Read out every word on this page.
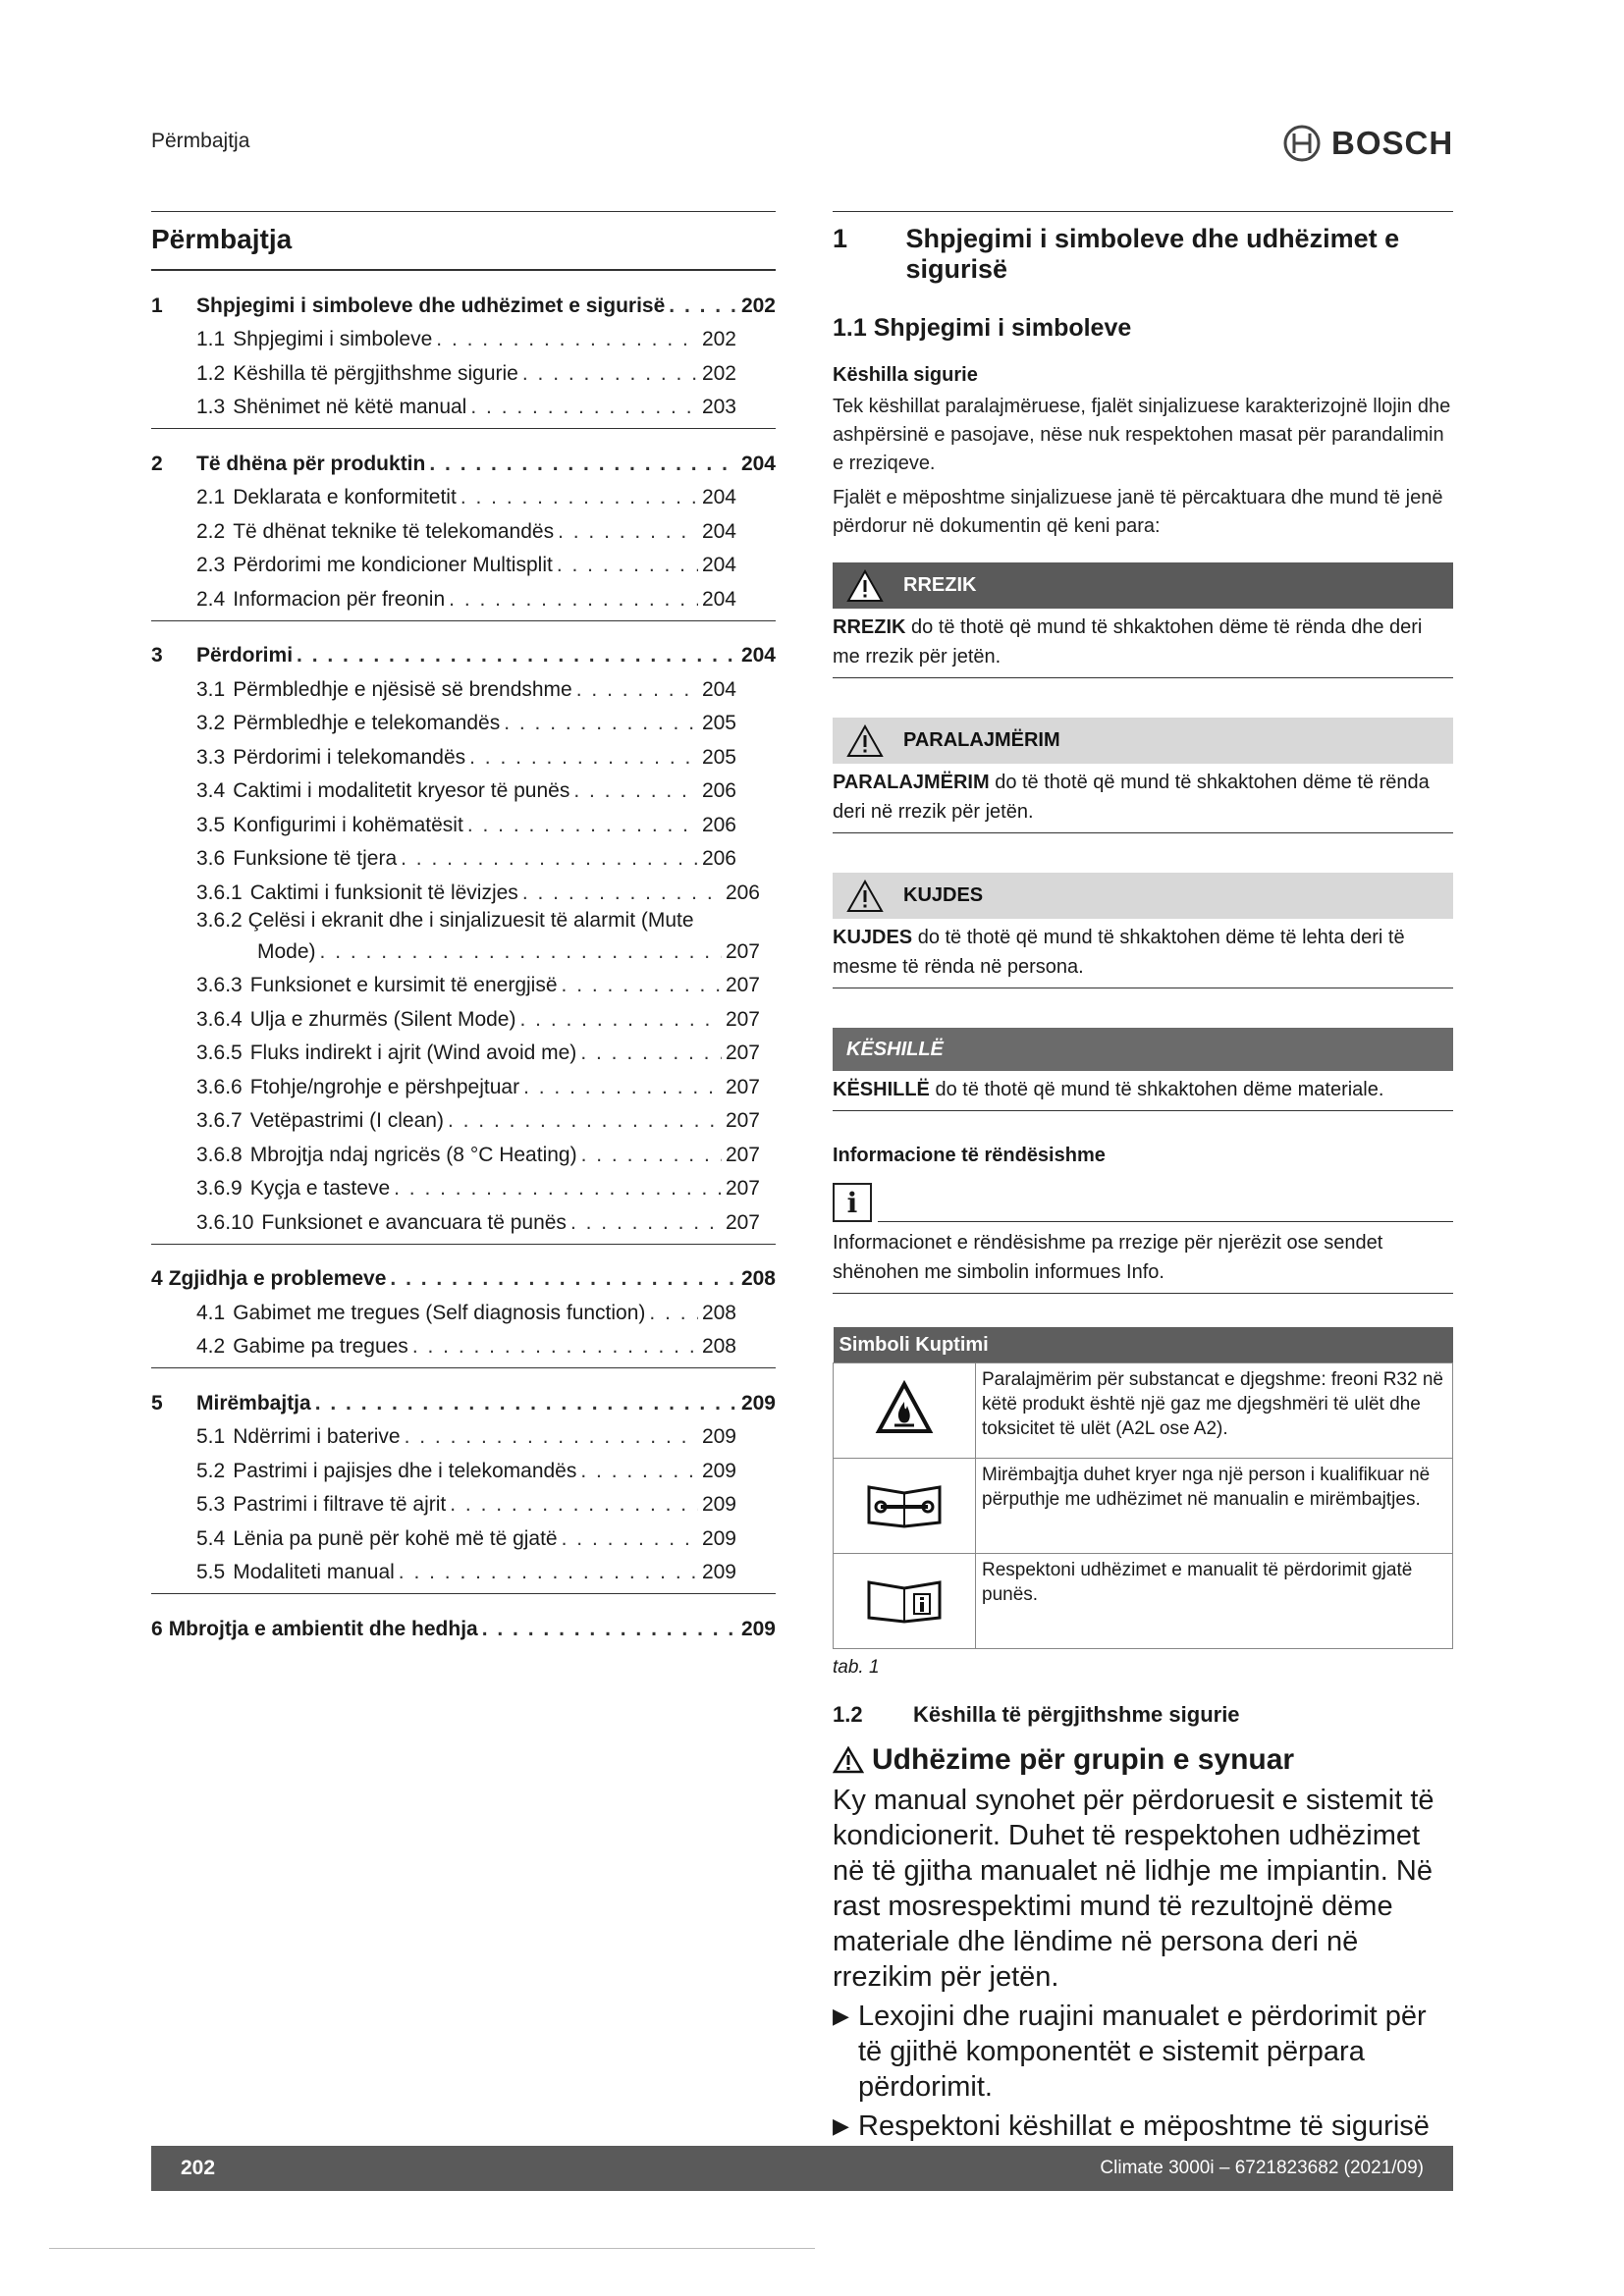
Përmbajtja	BOSCH
Përmbajtja
1	Shpjegimi i simboleve dhe udhëzimet e sigurisë . . .	202
1.1 Shpjegimi i simboleve . . .	202
1.2 Këshilla të përgjithshme sigurie . . .	202
1.3 Shënimet në këtë manual . . .	203
2	Të dhëna për produktin . . .	204
2.1 Deklarata e konformitetit . . .	204
2.2 Të dhënat teknike të telekomandës . . .	204
2.3 Përdorimi me kondicioner Multisplit . . .	204
2.4 Informacion për freonin . . .	204
3	Përdorimi . . .	204
3.1 Përmbledhje e njësisë së brendshme . . .	204
3.2 Përmbledhje e telekomandës . . .	205
3.3 Përdorimi i telekomandës . . .	205
3.4 Caktimi i modalitetit kryesor të punës . . .	206
3.5 Konfigurimi i kohëmatësit . . .	206
3.6 Funksione të tjera . . .	206
3.6.1 Caktimi i funksionit të lëvizjes . . .	206
3.6.2 Çelësi i ekranit dhe i sinjalizuesit të alarmit (Mute
Mode) . . .	207
3.6.3 Funksionet e kursimit të energjisë . . .	207
3.6.4 Ulja e zhurmës (Silent Mode) . . .	207
3.6.5 Fluks indirekt i ajrit (Wind avoid me) . . .	207
3.6.6 Ftohje/ngrohje e përshpejtuar . . .	207
3.6.7 Vetëpastrimi (I clean) . . .	207
3.6.8 Mbrojtja ndaj ngricës (8 °C Heating) . . .	207
3.6.9 Kyçja e tasteve . . .	207
3.6.10 Funksionet e avancuara të punës . . .	207
4 Zgjidhja e problemeve . . .	208
4.1 Gabimet me tregues (Self diagnosis function) . . .	208
4.2 Gabime pa tregues . . .	208
5	Mirëmbajtja . . .	209
5.1 Ndërrimi i baterive . . .	209
5.2 Pastrimi i pajisjes dhe i telekomandës . . .	209
5.3 Pastrimi i filtrave të ajrit . . .	209
5.4 Lënia pa punë për kohë më të gjatë . . .	209
5.5 Modaliteti manual . . .	209
6 Mbrojtja e ambientit dhe hedhja . . .	209
1	Shpjegimi i simboleve dhe udhëzimet e sigurisë
1.1 Shpjegimi i simboleve
Këshilla sigurie
Tek këshillat paralajmëruese, fjalët sinjalizuese karakterizojnë llojin dhe ashpërsinë e pasojave, nëse nuk respektohen masat për parandalimin e rreziqeve.
Fjalët e mëposhtme sinjalizuese janë të përcaktuara dhe mund të jenë përdorur në dokumentin që keni para:
RREZIK
RREZIK do të thotë që mund të shkaktohen dëme të rënda dhe deri me rrezik për jetën.
PARALAJMËRIM
PARALAJMËRIM do të thotë që mund të shkaktohen dëme të rënda deri në rrezik për jetën.
KUJDES
KUJDES do të thotë që mund të shkaktohen dëme të lehta deri të mesme të rënda në persona.
KËSHILLË
KËSHILLË do të thotë që mund të shkaktohen dëme materiale.
Informacione të rëndësishme
i
Informacionet e rëndësishme pa rrezige për njerëzit ose sendet shënohen me simbolin informues Info.
Simboli Kuptimi	
	Paralajmërim për substancat e djegshme: freoni R32 në këtë produkt është një gaz me djegshmëri të ulët dhe toksicitet të ulët (A2L ose A2).
	Mirëmbajtja duhet kryer nga një person i kualifikuar në përputhje me udhëzimet në manualin e mirëmbajtjes.
	Respektoni udhëzimet e manualit të përdorimit gjatë punës.
tab. 1
1.2	Këshilla të përgjithshme sigurie
Udhëzime për grupin e synuar
Ky manual synohet për përdoruesit e sistemit të kondicionerit. Duhet të respektohen udhëzimet në të gjitha manualet në lidhje me impiantin. Në rast mosrespektimi mund të rezultojnë dëme materiale dhe lëndime në persona deri në rrezikim për jetën.
▶ Lexojini dhe ruajini manualet e përdorimit për të gjithë komponentët e sistemit përpara përdorimit.
▶ Respektoni këshillat e mëposhtme të sigurisë
202	Climate 3000i – 6721823682 (2021/09)
